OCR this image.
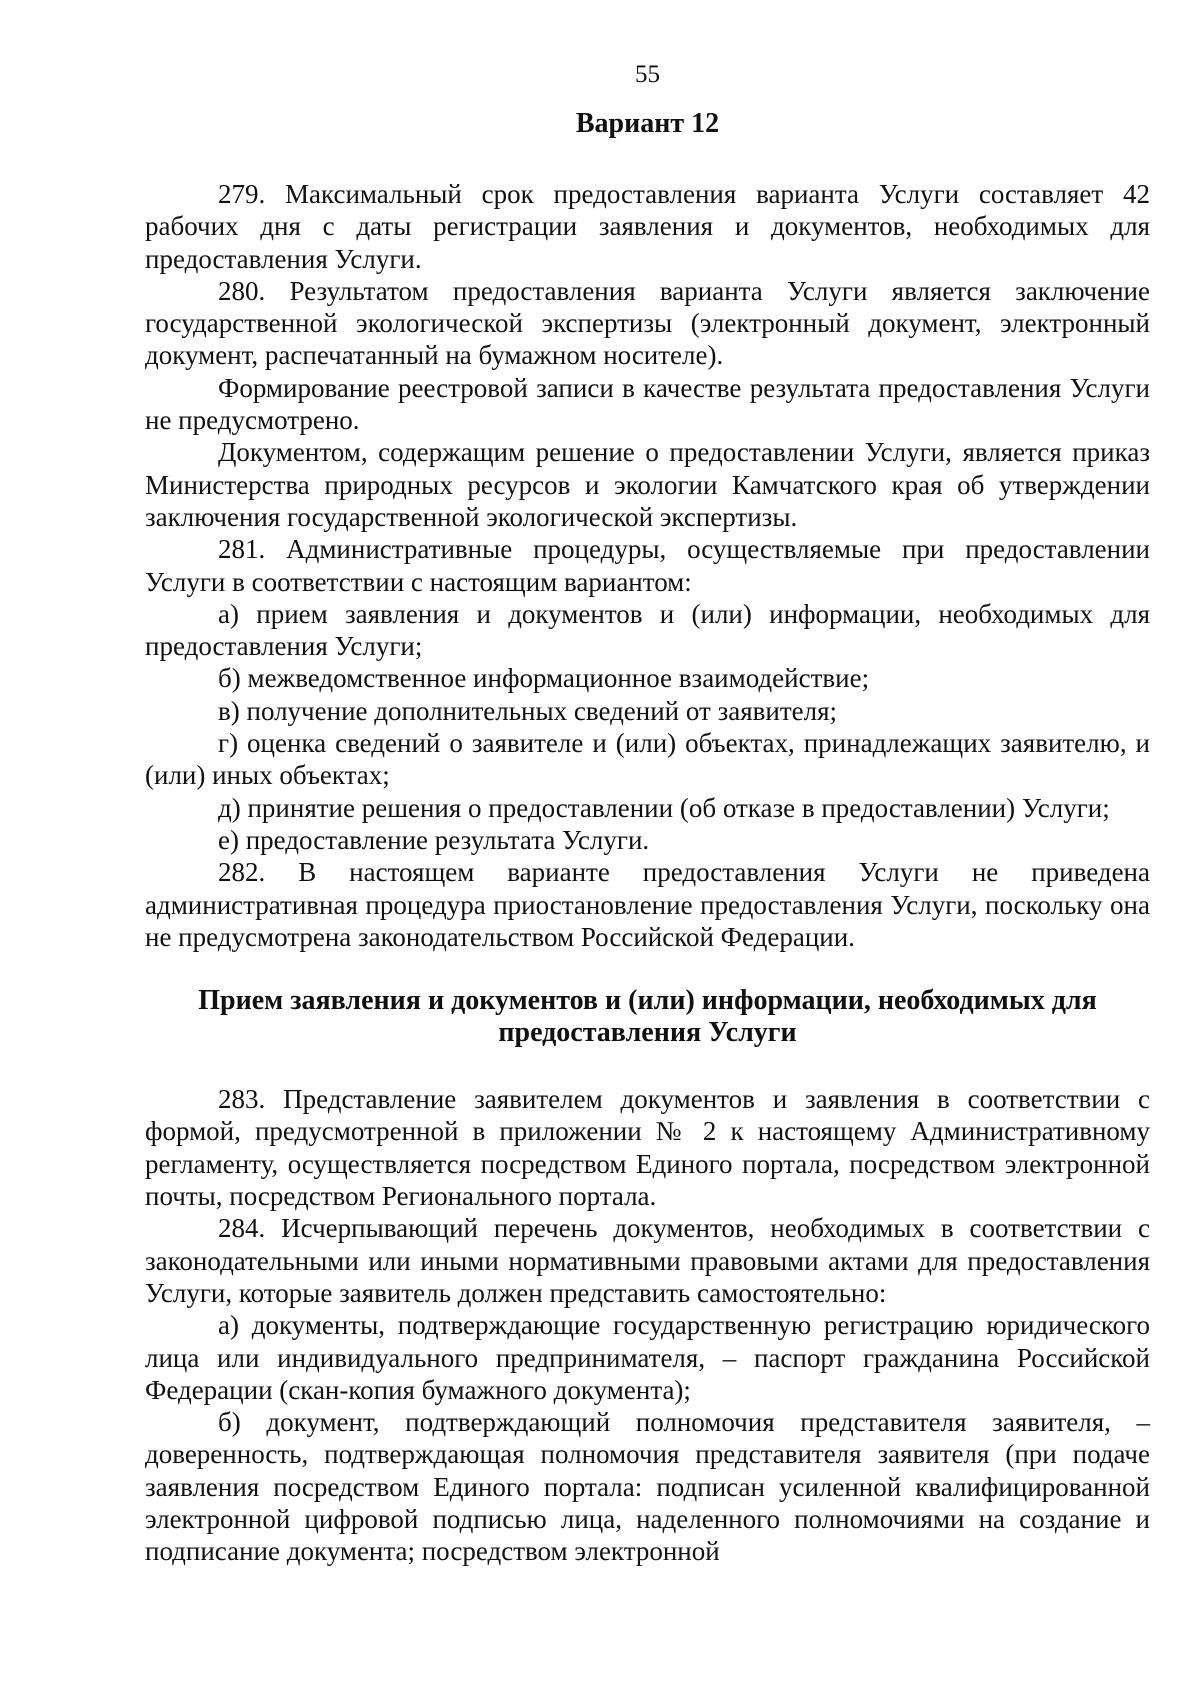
55
Вариант 12

279. Максимальный срок предоставления варианта Услуги составляет 42 рабочих дня с даты регистрации заявления и документов, необходимых для предоставления Услуги.

280. Результатом предоставления варианта Услуги является заключение государственной экологической экспертизы (электронный документ, электронный документ, распечатанный на бумажном носителе).

Формирование реестровой записи в качестве результата предоставления Услуги не предусмотрено.

Документом, содержащим решение о предоставлении Услуги, является приказ Министерства природных ресурсов и экологии Камчатского края об утверждении заключения государственной экологической экспертизы.

281. Административные процедуры, осуществляемые при предоставлении Услуги в соответствии с настоящим вариантом:

а) прием заявления и документов и (или) информации, необходимых для предоставления Услуги;

б) межведомственное информационное взаимодействие;

в) получение дополнительных сведений от заявителя;

г) оценка сведений о заявителе и (или) объектах, принадлежащих заявителю, и (или) иных объектах;

д) принятие решения о предоставлении (об отказе в предоставлении) Услуги;

е) предоставление результата Услуги.

282. В настоящем варианте предоставления Услуги не приведена административная процедура приостановление предоставления Услуги, поскольку она не предусмотрена законодательством Российской Федерации.

Прием заявления и документов и (или) информации, необходимых для
предоставления Услуги

283. Представление заявителем документов и заявления в соответствии с формой, предусмотренной в приложении № 2 к настоящему Административному регламенту, осуществляется посредством Единого портала, посредством электронной почты, посредством Регионального портала.

284. Исчерпывающий перечень документов, необходимых в соответствии с законодательными или иными нормативными правовыми актами для предоставления Услуги, которые заявитель должен представить самостоятельно:

а) документы, подтверждающие государственную регистрацию юридического лица или индивидуального предпринимателя, – паспорт гражданина Российской Федерации (скан-копия бумажного документа);

б) документ, подтверждающий полномочия представителя заявителя, – доверенность, подтверждающая полномочия представителя заявителя (при подаче заявления посредством Единого портала: подписан усиленной квалифицированной электронной цифровой подписью лица, наделенного полномочиями на создание и подписание документа; посредством электронной
